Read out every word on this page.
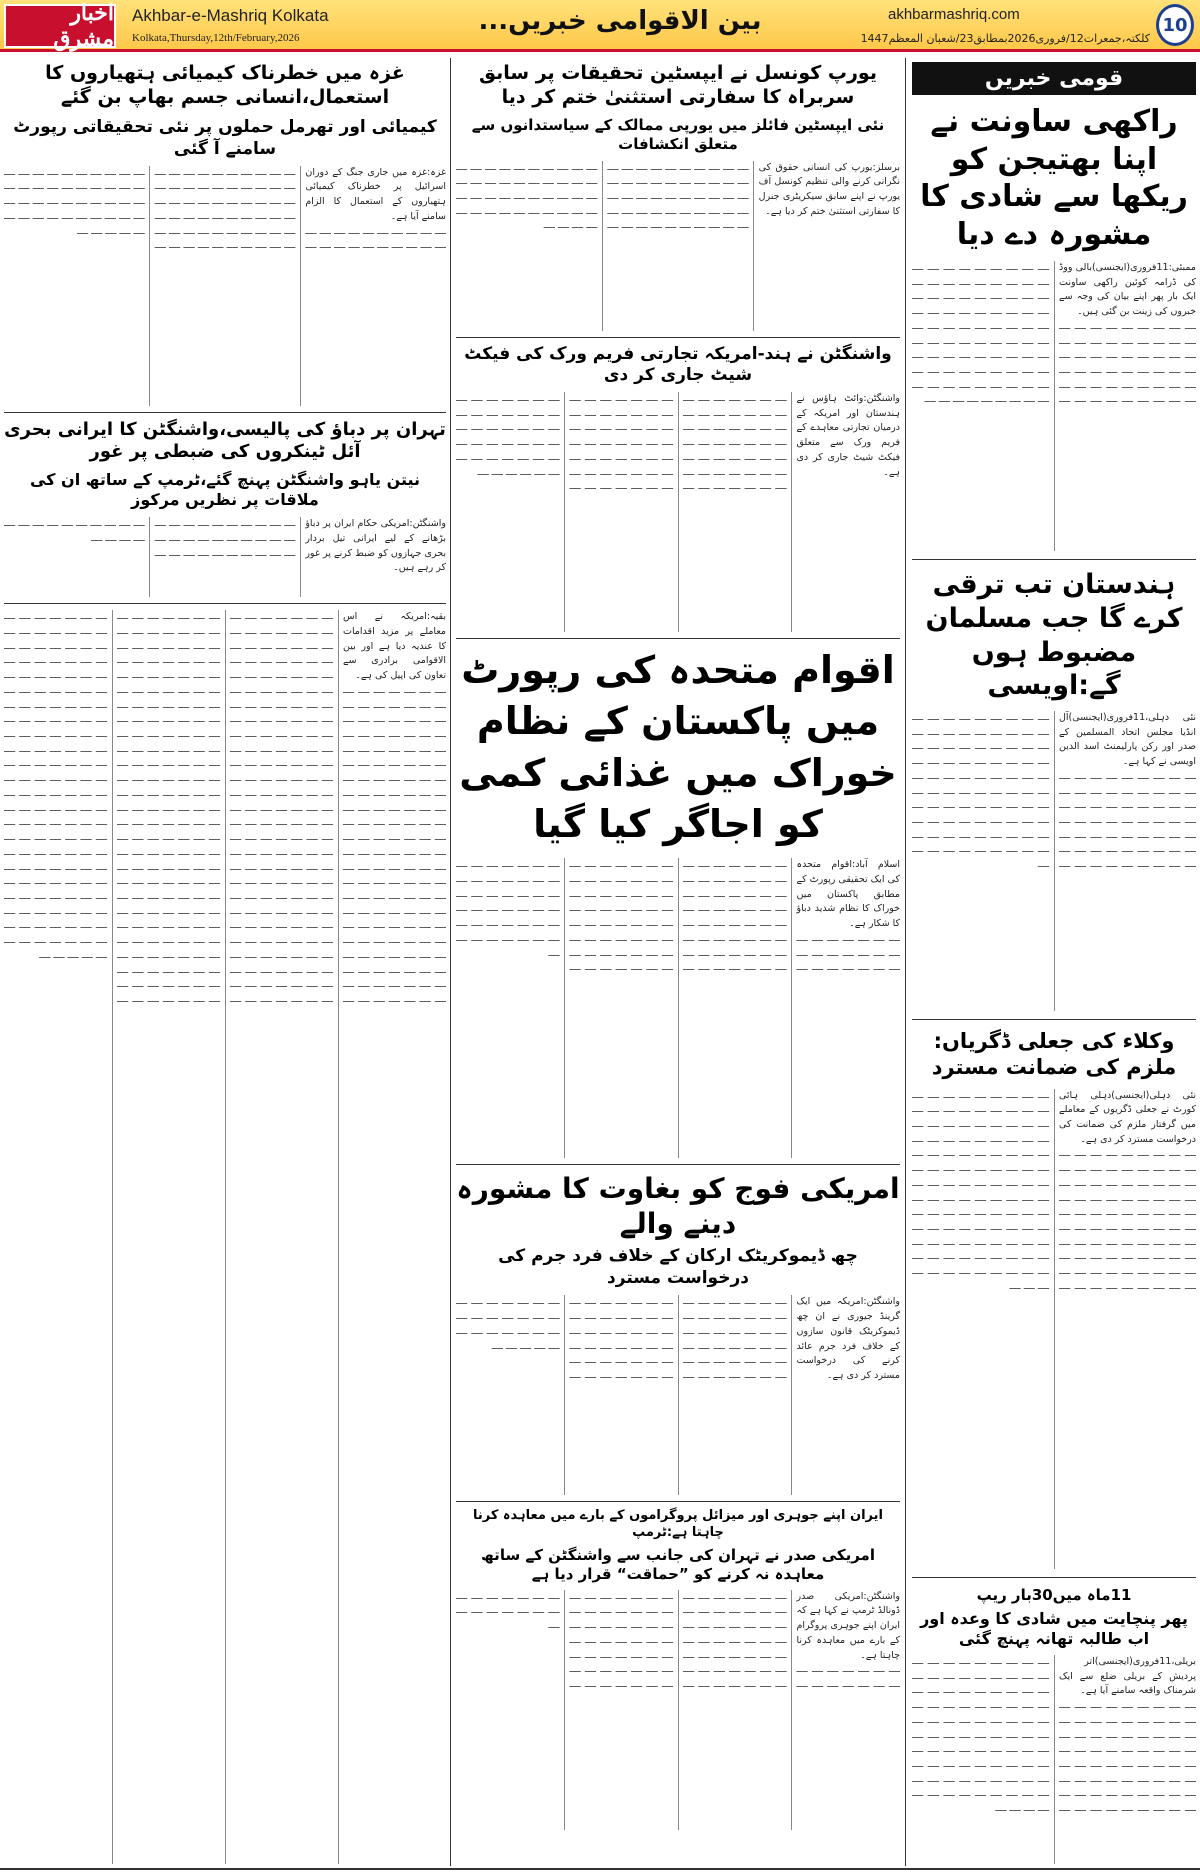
اخبار مشرق
Akhbar-e-Mashriq Kolkata
Kolkata,Thursday,12th/February,2026
بین الاقوامی خبریں...	akhbarmashriq.com
کلکتہ،جمعرات12/فروری2026بمطابق23/شعبان المعظم1447
10
قومی خبریں
راکھی ساونت نے اپنا بھتیجن کو ریکھا سے شادی کا مشورہ دے دیا

ممبئی:11فروری(ایجنسی)بالی ووڈ کی ڈرامہ کوئین راکھی ساونت ایک بار پھر اپنے بیان کی وجہ سے خبروں کی زینت بن گئی ہیں۔

ــــ ــــ ــــ ــــ ــــ ــــ ــــ ــــ ــــ ــــ ــــ ــــ ــــ ــــ ــــ ــــ ــــ ــــ ــــ ــــ ــــ ــــ ــــ ــــ ــــ ــــ ــــ ــــ ــــ ــــ ــــ ــــ ــــ ــــ ــــ ــــ ــــ ــــ ــــ ــــ ــــ ــــ ــــ ــــ ــــ ــــ ــــ ــــ ــــ ــــ ــــ ــــ ــــ ــــ ــــ ــــ ــــ ــــ ــــ ــــ ــــ ــــ ــــ ــــ ــــ ــــ ــــ ــــ ــــ ــــ ــــ ــــ ــــ ــــ ــــ ــــ ــــ ــــ ــــ ــــ ــــ ــــ ــــ ــــ ــــ ــــ ــــ ــــ ــــ ــــ ــــ ــــ ــــ ــــ ــــ ــــ ــــ ــــ ــــ ــــ ــــ ــــ ــــ ــــ ــــ ــــ ــــ ــــ ــــ ــــ ــــ ــــ ــــ ــــ ــــ ــــ ــــ ــــ ــــ ــــ ــــ ــــ ــــ ــــ ــــ ــــ ــــ ــــ ــــ ــــ ــــ ــــ ــــ ــــ ــــ ــــ ــــ ــــ ــــ ــــ ــــ ــــ ــــ ــــ

ہندستان تب ترقی کرے گا جب مسلمان مضبوط ہوں گے:اویسی

نئی دہلی،11فروری(ایجنسی)آل انڈیا مجلس اتحاد المسلمین کے صدر اور رکن پارلیمنٹ اسد الدین اویسی نے کہا ہے۔

ــــ ــــ ــــ ــــ ــــ ــــ ــــ ــــ ــــ ــــ ــــ ــــ ــــ ــــ ــــ ــــ ــــ ــــ ــــ ــــ ــــ ــــ ــــ ــــ ــــ ــــ ــــ ــــ ــــ ــــ ــــ ــــ ــــ ــــ ــــ ــــ ــــ ــــ ــــ ــــ ــــ ــــ ــــ ــــ ــــ ــــ ــــ ــــ ــــ ــــ ــــ ــــ ــــ ــــ ــــ ــــ ــــ ــــ ــــ ــــ ــــ ــــ ــــ ــــ ــــ ــــ ــــ ــــ ــــ ــــ ــــ ــــ ــــ ــــ ــــ ــــ ــــ ــــ ــــ ــــ ــــ ــــ ــــ ــــ ــــ ــــ ــــ ــــ ــــ ــــ ــــ ــــ ــــ ــــ ــــ ــــ ــــ ــــ ــــ ــــ ــــ ــــ ــــ ــــ ــــ ــــ ــــ ــــ ــــ ــــ ــــ ــــ ــــ ــــ ــــ ــــ ــــ ــــ ــــ ــــ ــــ ــــ ــــ ــــ ــــ ــــ ــــ ــــ ــــ ــــ ــــ ــــ ــــ ــــ ــــ ــــ ــــ ــــ ــــ ــــ ــــ ــــ ــــ ــــ ــــ ــــ ــــ ــــ ــــ ــــ ــــ ــــ ــــ ــــ

وکلاء کی جعلی ڈگریاں: ملزم کی ضمانت مسترد

نئی دہلی(ایجنسی)دہلی ہائی کورٹ نے جعلی ڈگریوں کے معاملے میں گرفتار ملزم کی ضمانت کی درخواست مسترد کر دی ہے۔

ــــ ــــ ــــ ــــ ــــ ــــ ــــ ــــ ــــ ــــ ــــ ــــ ــــ ــــ ــــ ــــ ــــ ــــ ــــ ــــ ــــ ــــ ــــ ــــ ــــ ــــ ــــ ــــ ــــ ــــ ــــ ــــ ــــ ــــ ــــ ــــ ــــ ــــ ــــ ــــ ــــ ــــ ــــ ــــ ــــ ــــ ــــ ــــ ــــ ــــ ــــ ــــ ــــ ــــ ــــ ــــ ــــ ــــ ــــ ــــ ــــ ــــ ــــ ــــ ــــ ــــ ــــ ــــ ــــ ــــ ــــ ــــ ــــ ــــ ــــ ــــ ــــ ــــ ــــ ــــ ــــ ــــ ــــ ــــ ــــ ــــ ــــ ــــ ــــ ــــ ــــ ــــ ــــ ــــ ــــ ــــ ــــ ــــ ــــ ــــ ــــ ــــ ــــ ــــ ــــ ــــ ــــ ــــ ــــ ــــ ــــ ــــ ــــ ــــ ــــ ــــ ــــ ــــ ــــ ــــ ــــ ــــ ــــ ــــ ــــ ــــ ــــ ــــ ــــ ــــ ــــ ــــ ــــ ــــ ــــ ــــ ــــ ــــ ــــ ــــ ــــ ــــ ــــ ــــ ــــ ــــ ــــ ــــ ــــ ــــ ــــ ــــ ــــ ــــ ــــ ــــ ــــ ــــ ــــ ــــ ــــ ــــ ــــ ــــ ــــ ــــ ــــ ــــ ــــ ــــ ــــ ــــ ــــ ــــ ــــ ــــ ــــ ــــ ــــ ــــ ــــ ــــ ــــ ــــ ــــ ــــ ــــ ــــ ــــ ــــ ــــ ــــ ــــ ــــ ــــ ــــ ــــ ــــ ــــ ــــ ــــ ــــ ــــ ــــ ــــ ــــ ــــ ــــ ــــ ــــ

11ماہ میں30بار ریپ
پھر پنچایت میں شادی کا وعدہ اور اب طالبہ تھانہ پہنچ گئی

بریلی،11فروری(ایجنسی)اتر پردیش کے بریلی ضلع سے ایک شرمناک واقعہ سامنے آیا ہے۔

ــــ ــــ ــــ ــــ ــــ ــــ ــــ ــــ ــــ ــــ ــــ ــــ ــــ ــــ ــــ ــــ ــــ ــــ ــــ ــــ ــــ ــــ ــــ ــــ ــــ ــــ ــــ ــــ ــــ ــــ ــــ ــــ ــــ ــــ ــــ ــــ ــــ ــــ ــــ ــــ ــــ ــــ ــــ ــــ ــــ ــــ ــــ ــــ ــــ ــــ ــــ ــــ ــــ ــــ ــــ ــــ ــــ ــــ ــــ ــــ ــــ ــــ ــــ ــــ ــــ ــــ ــــ ــــ ــــ ــــ ــــ ــــ ــــ ــــ ــــ ــــ ــــ ــــ ــــ ــــ ــــ ــــ ــــ ــــ ــــ ــــ ــــ ــــ ــــ ــــ ــــ ــــ ــــ ــــ ــــ ــــ ــــ ــــ ــــ ــــ ــــ ــــ ــــ ــــ ــــ ــــ ــــ ــــ ــــ ــــ ــــ ــــ ــــ ــــ ــــ ــــ ــــ ــــ ــــ ــــ ــــ ــــ ــــ ــــ ــــ ــــ ــــ ــــ ــــ ــــ ــــ ــــ ــــ ــــ ــــ ــــ ــــ ــــ ــــ ــــ ــــ ــــ ــــ ــــ ــــ ــــ ــــ ــــ ــــ ــــ ــــ ــــ ــــ ــــ ــــ ــــ ــــ ــــ ــــ ــــ ــــ ــــ ــــ ــــ ــــ ــــ

یورپ کونسل نے ایپسٹین تحقیقات پر سابق سربراہ کا سفارتی استثنیٰ ختم کر دیا
نئی ایپسٹین فائلز میں یورپی ممالک کے سیاستدانوں سے متعلق انکشافات

برسلز:یورپ کی انسانی حقوق کی نگرانی کرنے والی تنظیم کونسل آف یورپ نے اپنے سابق سیکریٹری جنرل کا سفارتی استثنیٰ ختم کر دیا ہے۔

ــــ ــــ ــــ ــــ ــــ ــــ ــــ ــــ ــــ ــــ ــــ ــــ ــــ ــــ ــــ ــــ ــــ ــــ ــــ ــــ ــــ ــــ ــــ ــــ ــــ ــــ ــــ ــــ ــــ ــــ ــــ ــــ ــــ ــــ ــــ ــــ ــــ ــــ ــــ ــــ ــــ ــــ ــــ ــــ ــــ ــــ ــــ ــــ ــــ ــــ ــــ ــــ ــــ ــــ ــــ ــــ ــــ ــــ ــــ ــــ ــــ ــــ ــــ ــــ ــــ ــــ ــــ ــــ ــــ ــــ ــــ ــــ ــــ ــــ ــــ ــــ ــــ ــــ ــــ ــــ ــــ ــــ ــــ ــــ ــــ ــــ ــــ ــــ ــــ ــــ ــــ ــــ ــــ ــــ

واشنگٹن نے ہند-امریکہ تجارتی فریم ورک کی فیکٹ شیٹ جاری کر دی

واشنگٹن:وائٹ ہاؤس نے ہندستان اور امریکہ کے درمیان تجارتی معاہدے کے فریم ورک سے متعلق فیکٹ شیٹ جاری کر دی ہے۔

ــــ ــــ ــــ ــــ ــــ ــــ ــــ ــــ ــــ ــــ ــــ ــــ ــــ ــــ ــــ ــــ ــــ ــــ ــــ ــــ ــــ ــــ ــــ ــــ ــــ ــــ ــــ ــــ ــــ ــــ ــــ ــــ ــــ ــــ ــــ ــــ ــــ ــــ ــــ ــــ ــــ ــــ ــــ ــــ ــــ ــــ ــــ ــــ ــــ ــــ ــــ ــــ ــــ ــــ ــــ ــــ ــــ ــــ ــــ ــــ ــــ ــــ ــــ ــــ ــــ ــــ ــــ ــــ ــــ ــــ ــــ ــــ ــــ ــــ ــــ ــــ ــــ ــــ ــــ ــــ ــــ ــــ ــــ ــــ ــــ ــــ ــــ ــــ ــــ ــــ ــــ ــــ ــــ ــــ ــــ ــــ ــــ ــــ ــــ ــــ ــــ ــــ ــــ ــــ ــــ ــــ ــــ ــــ ــــ ــــ ــــ ــــ ــــ ــــ ــــ ــــ ــــ ــــ ــــ ــــ ــــ ــــ ــــ ــــ ــــ ــــ ــــ ــــ ــــ ــــ ــــ ــــ ــــ ــــ ــــ ــــ ــــ ــــ ــــ

اقوام متحدہ کی رپورٹ میں پاکستان کے نظام خوراک میں غذائی کمی کو اجاگر کیا گیا

اسلام آباد:اقوام متحدہ کی ایک تحقیقی رپورٹ کے مطابق پاکستان میں خوراک کا نظام شدید دباؤ کا شکار ہے۔

ــــ ــــ ــــ ــــ ــــ ــــ ــــ ــــ ــــ ــــ ــــ ــــ ــــ ــــ ــــ ــــ ــــ ــــ ــــ ــــ ــــ ــــ ــــ ــــ ــــ ــــ ــــ ــــ ــــ ــــ ــــ ــــ ــــ ــــ ــــ ــــ ــــ ــــ ــــ ــــ ــــ ــــ ــــ ــــ ــــ ــــ ــــ ــــ ــــ ــــ ــــ ــــ ــــ ــــ ــــ ــــ ــــ ــــ ــــ ــــ ــــ ــــ ــــ ــــ ــــ ــــ ــــ ــــ ــــ ــــ ــــ ــــ ــــ ــــ ــــ ــــ ــــ ــــ ــــ ــــ ــــ ــــ ــــ ــــ ــــ ــــ ــــ ــــ ــــ ــــ ــــ ــــ ــــ ــــ ــــ ــــ ــــ ــــ ــــ ــــ ــــ ــــ ــــ ــــ ــــ ــــ ــــ ــــ ــــ ــــ ــــ ــــ ــــ ــــ ــــ ــــ ــــ ــــ ــــ ــــ ــــ ــــ ــــ ــــ ــــ ــــ ــــ ــــ ــــ ــــ ــــ ــــ ــــ ــــ ــــ ــــ ــــ ــــ ــــ ــــ ــــ ــــ ــــ ــــ ــــ ــــ ــــ ــــ ــــ ــــ ــــ ــــ ــــ ــــ ــــ ــــ ــــ ــــ ــــ ــــ ــــ ــــ ــــ ــــ ــــ ــــ ــــ ــــ ــــ ــــ ــــ ــــ ــــ ــــ ــــ ــــ

امریکی فوج کو بغاوت کا مشورہ دینے والے
چھ ڈیموکریٹک ارکان کے خلاف فرد جرم کی درخواست مسترد

واشنگٹن:امریکہ میں ایک گرینڈ جیوری نے ان چھ ڈیموکریٹک قانون سازوں کے خلاف فرد جرم عائد کرنے کی درخواست مسترد کر دی ہے۔

ــــ ــــ ــــ ــــ ــــ ــــ ــــ ــــ ــــ ــــ ــــ ــــ ــــ ــــ ــــ ــــ ــــ ــــ ــــ ــــ ــــ ــــ ــــ ــــ ــــ ــــ ــــ ــــ ــــ ــــ ــــ ــــ ــــ ــــ ــــ ــــ ــــ ــــ ــــ ــــ ــــ ــــ ــــ ــــ ــــ ــــ ــــ ــــ ــــ ــــ ــــ ــــ ــــ ــــ ــــ ــــ ــــ ــــ ــــ ــــ ــــ ــــ ــــ ــــ ــــ ــــ ــــ ــــ ــــ ــــ ــــ ــــ ــــ ــــ ــــ ــــ ــــ ــــ ــــ ــــ ــــ ــــ ــــ ــــ ــــ ــــ ــــ ــــ ــــ ــــ ــــ ــــ ــــ ــــ ــــ ــــ ــــ ــــ ــــ ــــ ــــ ــــ ــــ ــــ ــــ ــــ ــــ ــــ ــــ ــــ

ایران اپنے جوہری اور میزائل پروگراموں کے بارے میں معاہدہ کرنا چاہتا ہے:ٹرمپ
امریکی صدر نے تہران کی جانب سے واشنگٹن کے ساتھ معاہدہ نہ کرنے کو ”حماقت“ قرار دیا ہے

واشنگٹن:امریکی صدر ڈونالڈ ٹرمپ نے کہا ہے کہ ایران اپنے جوہری پروگرام کے بارے میں معاہدہ کرنا چاہتا ہے۔

ــــ ــــ ــــ ــــ ــــ ــــ ــــ ــــ ــــ ــــ ــــ ــــ ــــ ــــ ــــ ــــ ــــ ــــ ــــ ــــ ــــ ــــ ــــ ــــ ــــ ــــ ــــ ــــ ــــ ــــ ــــ ــــ ــــ ــــ ــــ ــــ ــــ ــــ ــــ ــــ ــــ ــــ ــــ ــــ ــــ ــــ ــــ ــــ ــــ ــــ ــــ ــــ ــــ ــــ ــــ ــــ ــــ ــــ ــــ ــــ ــــ ــــ ــــ ــــ ــــ ــــ ــــ ــــ ــــ ــــ ــــ ــــ ــــ ــــ ــــ ــــ ــــ ــــ ــــ ــــ ــــ ــــ ــــ ــــ ــــ ــــ ــــ ــــ ــــ ــــ ــــ ــــ ــــ ــــ ــــ ــــ ــــ ــــ ــــ ــــ ــــ ــــ ــــ ــــ ــــ ــــ ــــ ــــ ــــ ــــ ــــ ــــ ــــ ــــ ــــ ــــ ــــ ــــ ــــ ــــ ــــ ــــ ــــ ــــ ــــ ــــ ــــ

غزہ میں خطرناک کیمیائی ہتھیاروں کا استعمال،انسانی جسم بھاپ بن گئے
کیمیائی اور تھرمل حملوں پر نئی تحقیقاتی رپورٹ سامنے آ گئی

غزہ:غزہ میں جاری جنگ کے دوران اسرائیل پر خطرناک کیمیائی ہتھیاروں کے استعمال کا الزام سامنے آیا ہے۔

ــــ ــــ ــــ ــــ ــــ ــــ ــــ ــــ ــــ ــــ ــــ ــــ ــــ ــــ ــــ ــــ ــــ ــــ ــــ ــــ ــــ ــــ ــــ ــــ ــــ ــــ ــــ ــــ ــــ ــــ ــــ ــــ ــــ ــــ ــــ ــــ ــــ ــــ ــــ ــــ ــــ ــــ ــــ ــــ ــــ ــــ ــــ ــــ ــــ ــــ ــــ ــــ ــــ ــــ ــــ ــــ ــــ ــــ ــــ ــــ ــــ ــــ ــــ ــــ ــــ ــــ ــــ ــــ ــــ ــــ ــــ ــــ ــــ ــــ ــــ ــــ ــــ ــــ ــــ ــــ ــــ ــــ ــــ ــــ ــــ ــــ ــــ ــــ ــــ ــــ ــــ ــــ ــــ ــــ ــــ ــــ ــــ ــــ ــــ ــــ ــــ ــــ ــــ ــــ ــــ ــــ ــــ ــــ ــــ ــــ ــــ ــــ ــــ ــــ ــــ ــــ ــــ ــــ ــــ ــــ ــــ ــــ ــــ ــــ ــــ

تہران پر دباؤ کی پالیسی،واشنگٹن کا ایرانی بحری آئل ٹینکروں کی ضبطی پر غور
نیتن یاہو واشنگٹن پہنچ گئے،ٹرمپ کے ساتھ ان کی ملاقات پر نظریں مرکوز

واشنگٹن:امریکی حکام ایران پر دباؤ بڑھانے کے لیے ایرانی تیل بردار بحری جہازوں کو ضبط کرنے پر غور کر رہے ہیں۔

ــــ ــــ ــــ ــــ ــــ ــــ ــــ ــــ ــــ ــــ ــــ ــــ ــــ ــــ ــــ ــــ ــــ ــــ ــــ ــــ ــــ ــــ ــــ ــــ ــــ ــــ ــــ ــــ ــــ ــــ ــــ ــــ ــــ ــــ ــــ ــــ ــــ ــــ ــــ ــــ ــــ ــــ ــــ ــــ

بقیہ:امریکہ نے اس معاملے پر مزید اقدامات کا عندیہ دیا ہے اور بین الاقوامی برادری سے تعاون کی اپیل کی ہے۔

ــــ ــــ ــــ ــــ ــــ ــــ ــــ ــــ ــــ ــــ ــــ ــــ ــــ ــــ ــــ ــــ ــــ ــــ ــــ ــــ ــــ ــــ ــــ ــــ ــــ ــــ ــــ ــــ ــــ ــــ ــــ ــــ ــــ ــــ ــــ ــــ ــــ ــــ ــــ ــــ ــــ ــــ ــــ ــــ ــــ ــــ ــــ ــــ ــــ ــــ ــــ ــــ ــــ ــــ ــــ ــــ ــــ ــــ ــــ ــــ ــــ ــــ ــــ ــــ ــــ ــــ ــــ ــــ ــــ ــــ ــــ ــــ ــــ ــــ ــــ ــــ ــــ ــــ ــــ ــــ ــــ ــــ ــــ ــــ ــــ ــــ ــــ ــــ ــــ ــــ ــــ ــــ ــــ ــــ ــــ ــــ ــــ ــــ ــــ ــــ ــــ ــــ ــــ ــــ ــــ ــــ ــــ ــــ ــــ ــــ ــــ ــــ ــــ ــــ ــــ ــــ ــــ ــــ ــــ ــــ ــــ ــــ ــــ ــــ ــــ ــــ ــــ ــــ ــــ ــــ ــــ ــــ ــــ ــــ ــــ ــــ ــــ ــــ ــــ ــــ ــــ ــــ ــــ ــــ ــــ ــــ ــــ ــــ ــــ ــــ ــــ ــــ ــــ ــــ ــــ ــــ ــــ ــــ ــــ ــــ ــــ ــــ ــــ ــــ ــــ ــــ ــــ ــــ ــــ ــــ ــــ ــــ ــــ ــــ ــــ ــــ ــــ ــــ ــــ ــــ ــــ ــــ ــــ ــــ ــــ ــــ ــــ ــــ ــــ ــــ ــــ ــــ ــــ ــــ ــــ ــــ ــــ ــــ ــــ ــــ ــــ ــــ ــــ ــــ ــــ ــــ ــــ ــــ ــــ ــــ ــــ ــــ ــــ ــــ ــــ ــــ ــــ ــــ ــــ ــــ ــــ ــــ ــــ ــــ ــــ ــــ ــــ ــــ ــــ ــــ ــــ ــــ ــــ ــــ ــــ ــــ ــــ ــــ ــــ ــــ ــــ ــــ ــــ ــــ ــــ ــــ ــــ ــــ ــــ ــــ ــــ ــــ ــــ ــــ ــــ ــــ ــــ ــــ ــــ ــــ ــــ ــــ ــــ ــــ ــــ ــــ ــــ ــــ ــــ ــــ ــــ ــــ ــــ ــــ ــــ ــــ ــــ ــــ ــــ ــــ ــــ ــــ ــــ ــــ ــــ ــــ ــــ ــــ ــــ ــــ ــــ ــــ ــــ ــــ ــــ ــــ ــــ ــــ ــــ ــــ ــــ ــــ ــــ ــــ ــــ ــــ ــــ ــــ ــــ ــــ ــــ ــــ ــــ ــــ ــــ ــــ ــــ ــــ ــــ ــــ ــــ ــــ ــــ ــــ ــــ ــــ ــــ ــــ ــــ ــــ ــــ ــــ ــــ ــــ ــــ ــــ ــــ ــــ ــــ ــــ ــــ ــــ ــــ ــــ ــــ ــــ ــــ ــــ ــــ ــــ ــــ ــــ ــــ ــــ ــــ ــــ ــــ ــــ ــــ ــــ ــــ ــــ ــــ ــــ ــــ ــــ ــــ ــــ ــــ ــــ ــــ ــــ ــــ ــــ ــــ ــــ ــــ ــــ ــــ ــــ ــــ ــــ ــــ ــــ ــــ ــــ ــــ ــــ ــــ ــــ ــــ ــــ ــــ ــــ ــــ ــــ ــــ ــــ ــــ ــــ ــــ ــــ ــــ ــــ ــــ ــــ ــــ ــــ ــــ ــــ ــــ ــــ ــــ ــــ ــــ ــــ ــــ ــــ ــــ ــــ ــــ ــــ ــــ ــــ ــــ ــــ ــــ ــــ ــــ ــــ ــــ ــــ ــــ ــــ ــــ ــــ ــــ ــــ ــــ ــــ ــــ ــــ ــــ ــــ ــــ ــــ ــــ ــــ ــــ ــــ ــــ ــــ ــــ ــــ ــــ ــــ ــــ ــــ ــــ ــــ ــــ ــــ ــــ ــــ ــــ ــــ ــــ ــــ ــــ ــــ ــــ ــــ ــــ ــــ ــــ ــــ ــــ ــــ ــــ ــــ ــــ ــــ ــــ ــــ ــــ ــــ ــــ ــــ ــــ ــــ ــــ ــــ ــــ ــــ ــــ ــــ ــــ ــــ ــــ ــــ ــــ ــــ ــــ ــــ ــــ ــــ ــــ ــــ ــــ ــــ ــــ ــــ ــــ ــــ ــــ ــــ ــــ ــــ ــــ ــــ ــــ ــــ ــــ ــــ ــــ ــــ ــــ ــــ ــــ ــــ ــــ ــــ ــــ ــــ ــــ ــــ ــــ ــــ ــــ ــــ ــــ ــــ ــــ ــــ ــــ ــــ ــــ ــــ ــــ ــــ ــــ ــــ ــــ ــــ ــــ ــــ ــــ ــــ ــــ ــــ ــــ ــــ ــــ ــــ ــــ ــــ ــــ ــــ ــــ ــــ ــــ ــــ ــــ ــــ ــــ ــــ ــــ ــــ ــــ ــــ ــــ ــــ ــــ ــــ ــــ ــــ ــــ ــــ ــــ ــــ ــــ ــــ ــــ ــــ ــــ ــــ ــــ ــــ ــــ ــــ ــــ ــــ ــــ ــــ ــــ ــــ ــــ ــــ ــــ ــــ ــــ ــــ ــــ ــــ ــــ ــــ ــــ ــــ ــــ ــــ ــــ ــــ ــــ ــــ ــــ ــــ ــــ ــــ ــــ ــــ ــــ ــــ ــــ ــــ ــــ ــــ ــــ ــــ ــــ ــــ ــــ ــــ ــــ ــــ ــــ ــــ ــــ ــــ ــــ ــــ ــــ ــــ ــــ ــــ ــــ ــــ ــــ ــــ ــــ ــــ ــــ ــــ ــــ ــــ ــــ ــــ ــــ ــــ ــــ ــــ ــــ ــــ ــــ ــــ ــــ ــــ ــــ ــــ ــــ ــــ ــــ ــــ ــــ ــــ ــــ ــــ ــــ ــــ ــــ ــــ ــــ ــــ ــــ ــــ ــــ ــــ ــــ ــــ
